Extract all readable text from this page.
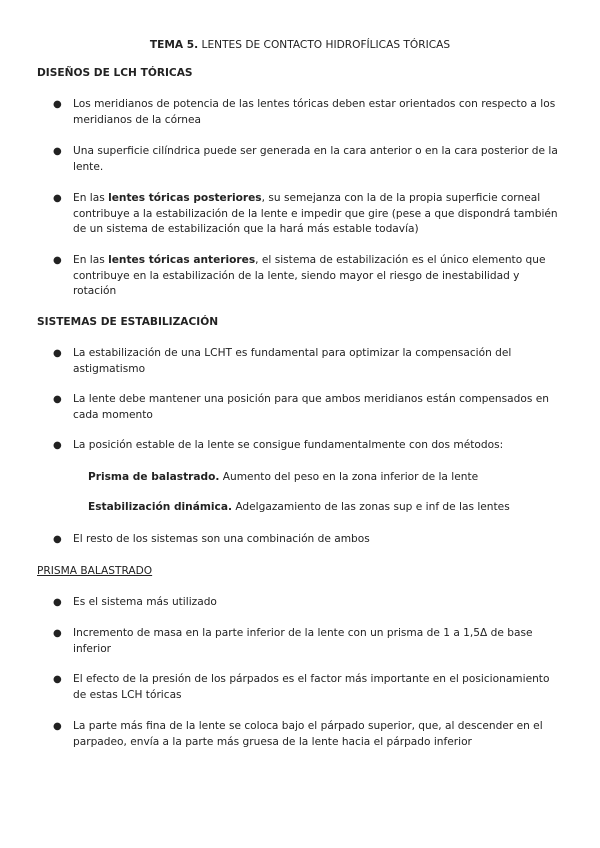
TEMA 5. LENTES DE CONTACTO HIDROFÍLICAS TÓRICAS
DISEÑOS DE LCH TÓRICAS
●	Los meridianos de potencia de las lentes tóricas deben estar orientados con respecto a los meridianos de la córnea
●	Una superficie cilíndrica puede ser generada en la cara anterior o en la cara posterior de la lente.
●	En las lentes tóricas posteriores, su semejanza con la de la propia superficie corneal contribuye a la estabilización de la lente e impedir que gire (pese a que dispondrá también de un sistema de estabilización que la hará más estable todavía)
●	En las lentes tóricas anteriores, el sistema de estabilización es el único elemento que contribuye en la estabilización de la lente, siendo mayor el riesgo de inestabilidad y rotación
SISTEMAS DE ESTABILIZACIÓN
●	La estabilización de una LCHT es fundamental para optimizar la compensación del astigmatismo
●	La lente debe mantener una posición para que ambos meridianos están compensados en cada momento
●	La posición estable de la lente se consigue fundamentalmente con dos métodos:
Prisma de balastrado. Aumento del peso en la zona inferior de la lente
Estabilización dinámica. Adelgazamiento de las zonas sup e inf de las lentes
●	El resto de los sistemas son una combinación de ambos
PRISMA BALASTRADO
●	Es el sistema más utilizado
●	Incremento de masa en la parte inferior de la lente con un prisma de 1 a 1,5Δ de base inferior
●	El efecto de la presión de los párpados es el factor más importante en el posicionamiento de estas LCH tóricas
●	La parte más fina de la lente se coloca bajo el párpado superior, que, al descender en el parpadeo, envía a la parte más gruesa de la lente hacia el párpado inferior
